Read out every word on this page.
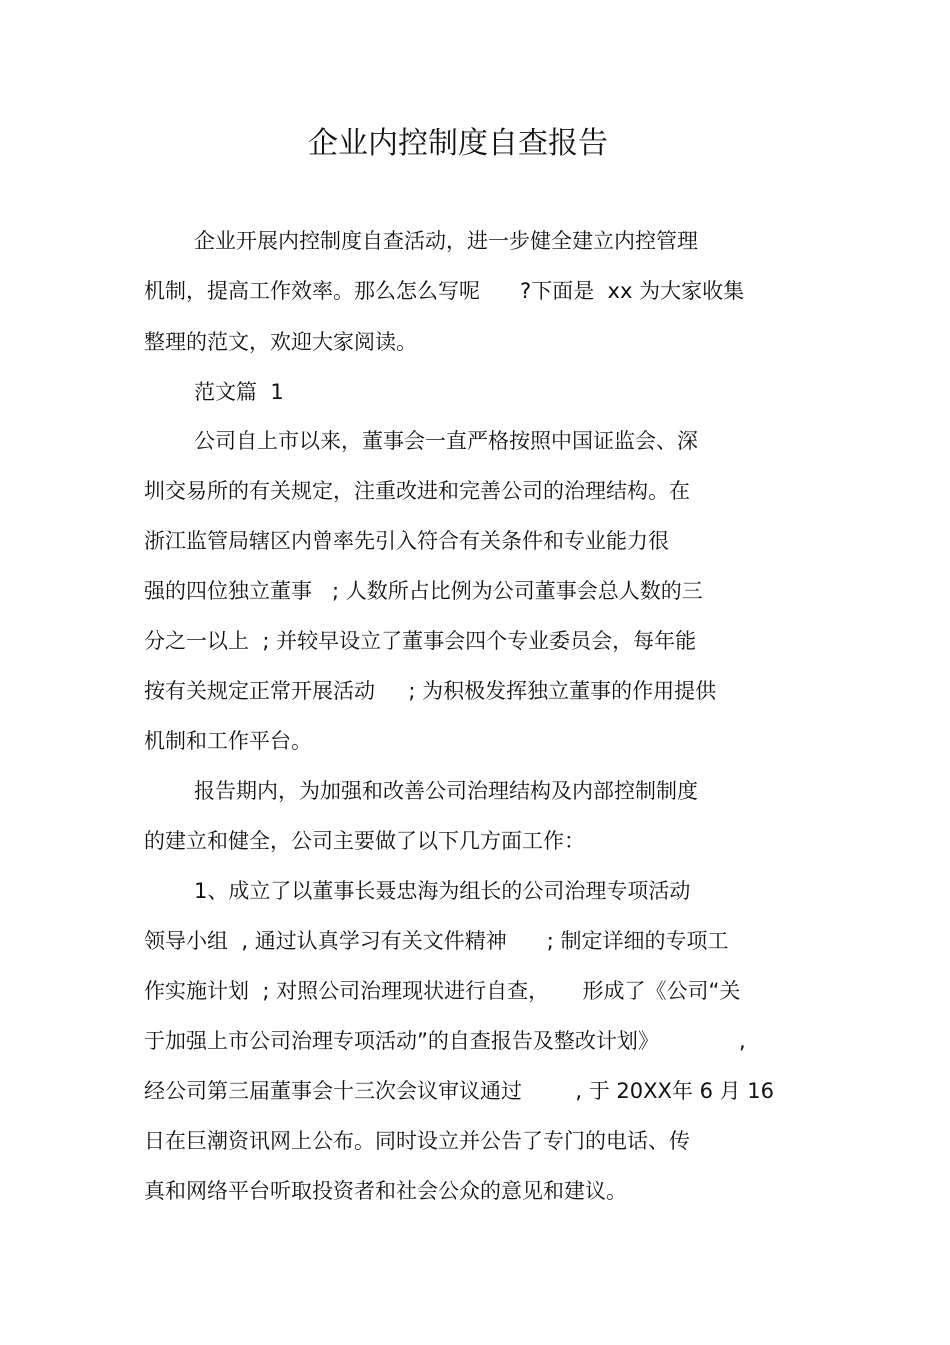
企业内控制度自查报告
企业开展内控制度自查活动，进一步健全建立内控管理
机制，提高工作效率。那么怎么写呢      ?下面是  xx 为大家收集
整理的范文，欢迎大家阅读。
范文篇  1
公司自上市以来，董事会一直严格按照中国证监会、深
圳交易所的有关规定，注重改进和完善公司的治理结构。在
浙江监管局辖区内曾率先引入符合有关条件和专业能力很
强的四位独立董事   ; 人数所占比例为公司董事会总人数的三
分之一以上  ; 并较早设立了董事会四个专业委员会，每年能
按有关规定正常开展活动     ; 为积极发挥独立董事的作用提供
机制和工作平台。
报告期内，为加强和改善公司治理结构及内部控制制度
的建立和健全，公司主要做了以下几方面工作：
1、成立了以董事长聂忠海为组长的公司治理专项活动
领导小组  , 通过认真学习有关文件精神      ; 制定详细的专项工
作实施计划  ; 对照公司治理现状进行自查，     形成了《公司“关
于加强上市公司治理专项活动”的自查报告及整改计划》            ,
经公司第三届董事会十三次会议审议通过        , 于 20XX年 6 月 16
日在巨潮资讯网上公布。同时设立并公告了专门的电话、传
真和网络平台听取投资者和社会公众的意见和建议。
